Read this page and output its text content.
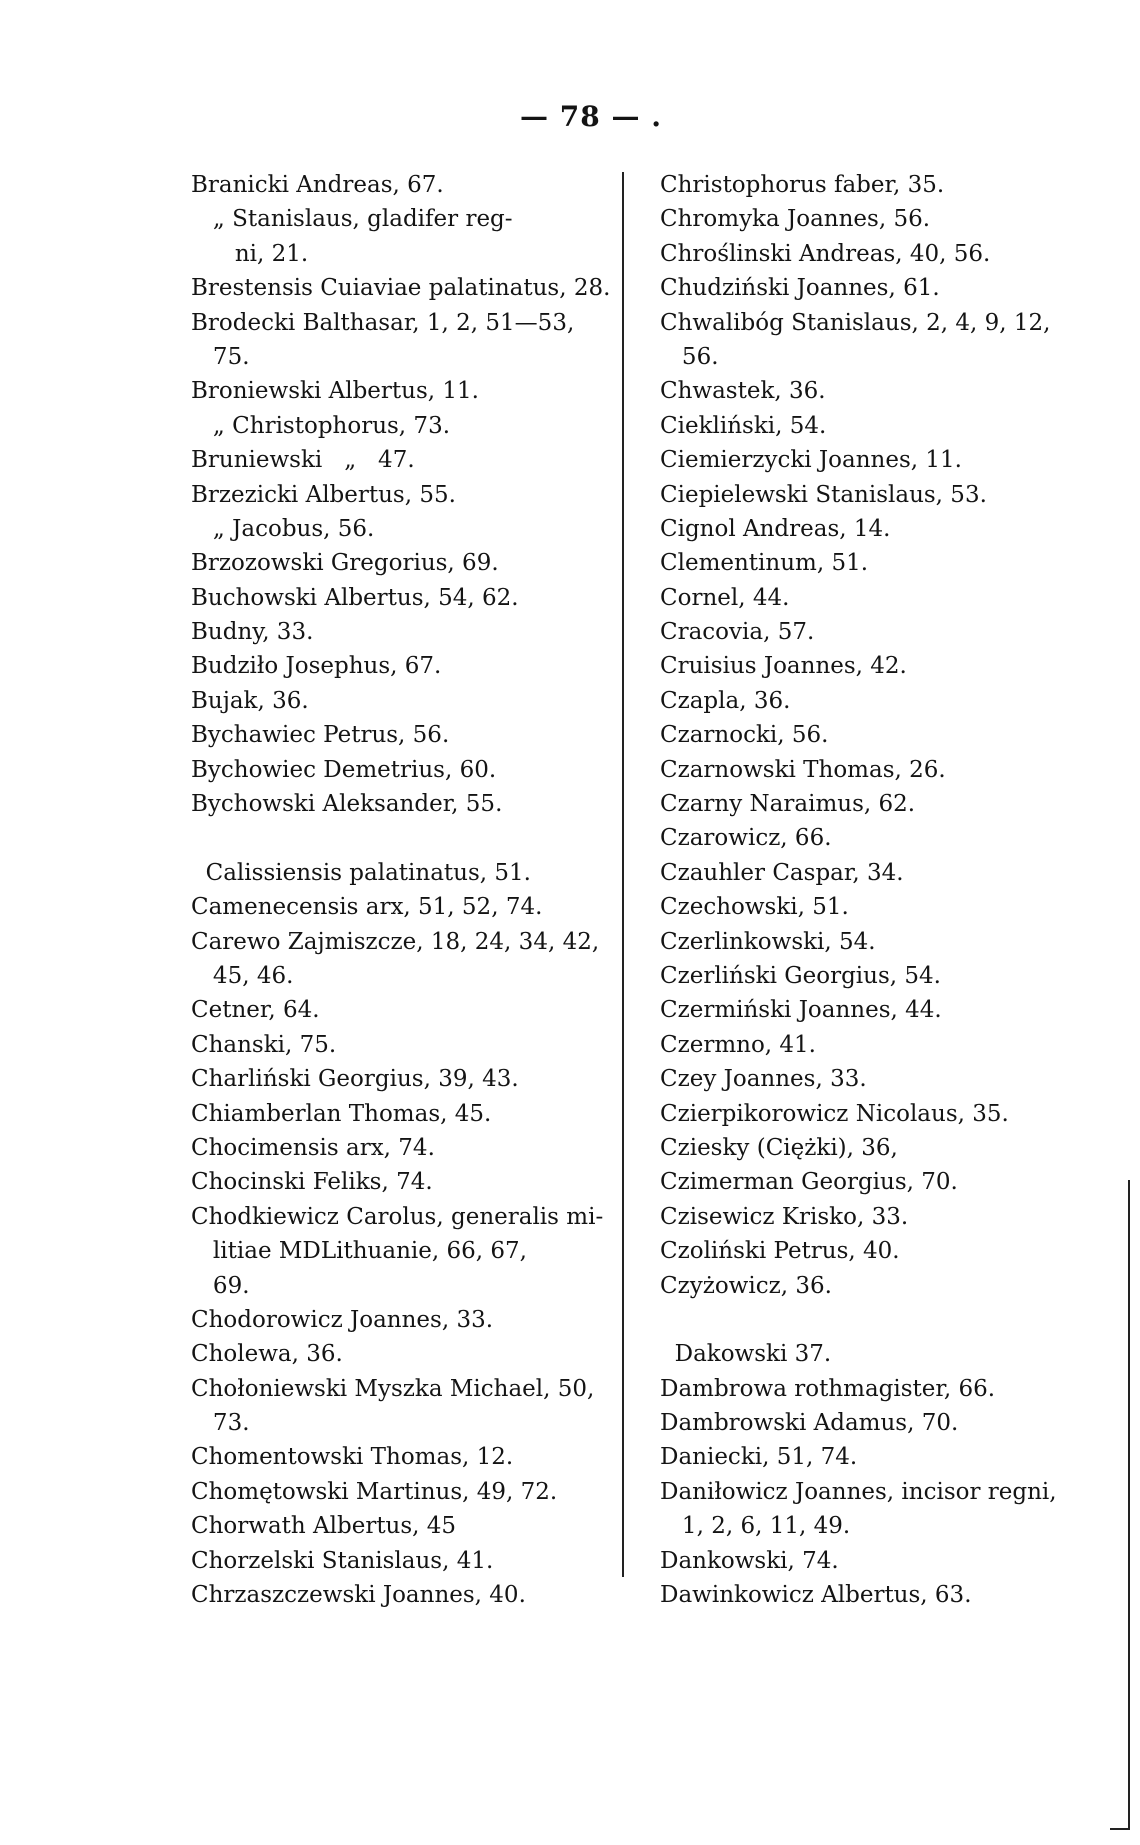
— 78 — .
Branicki Andreas, 67.
„ Stanislaus, gladifer reg-
ni, 21.
Brestensis Cuiaviae palatinatus, 28.
Brodecki Balthasar, 1, 2, 51—53,
75.
Broniewski Albertus, 11.
„ Christophorus, 73.
Bruniewski   „   47.
Brzezicki Albertus, 55.
„ Jacobus, 56.
Brzozowski Gregorius, 69.
Buchowski Albertus, 54, 62.
Budny, 33.
Budziło Josephus, 67.
Bujak, 36.
Bychawiec Petrus, 56.
Bychowiec Demetrius, 60.
Bychowski Aleksander, 55.
Calissiensis palatinatus, 51.
Camenecensis arx, 51, 52, 74.
Carewo Zajmiszcze, 18, 24, 34, 42,
45, 46.
Cetner, 64.
Chanski, 75.
Charliński Georgius, 39, 43.
Chiamberlan Thomas, 45.
Chocimensis arx, 74.
Chocinski Feliks, 74.
Chodkiewicz Carolus, generalis mi-
litiae MDLithuanie, 66, 67,
69.
Chodorowicz Joannes, 33.
Cholewa, 36.
Chołoniewski Myszka Michael, 50,
73.
Chomentowski Thomas, 12.
Chomętowski Martinus, 49, 72.
Chorwath Albertus, 45
Chorzelski Stanislaus, 41.
Chrzaszczewski Joannes, 40.
Christophorus faber, 35.
Chromyka Joannes, 56.
Chroślinski Andreas, 40, 56.
Chudziński Joannes, 61.
Chwalibóg Stanislaus, 2, 4, 9, 12,
56.
Chwastek, 36.
Ciekliński, 54.
Ciemierzycki Joannes, 11.
Ciepielewski Stanislaus, 53.
Cignol Andreas, 14.
Clementinum, 51.
Cornel, 44.
Cracovia, 57.
Cruisius Joannes, 42.
Czapla, 36.
Czarnocki, 56.
Czarnowski Thomas, 26.
Czarny Naraimus, 62.
Czarowicz, 66.
Czauhler Caspar, 34.
Czechowski, 51.
Czerlinkowski, 54.
Czerliński Georgius, 54.
Czermiński Joannes, 44.
Czermno, 41.
Czey Joannes, 33.
Czierpikorowicz Nicolaus, 35.
Cziesky (Ciężki), 36,
Czimerman Georgius, 70.
Czisewicz Krisko, 33.
Czoliński Petrus, 40.
Czyżowicz, 36.
Dakowski 37.
Dambrowa rothmagister, 66.
Dambrowski Adamus, 70.
Daniecki, 51, 74.
Daniłowicz Joannes, incisor regni,
1, 2, 6, 11, 49.
Dankowski, 74.
Dawinkowicz Albertus, 63.
